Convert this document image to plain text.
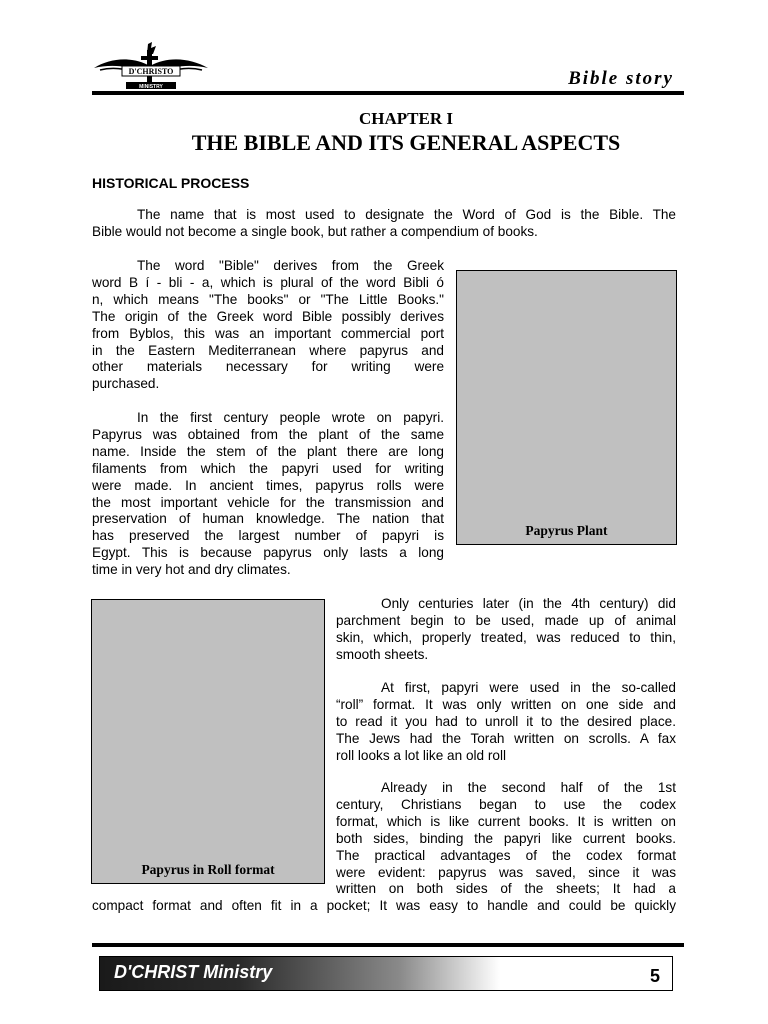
D'CHRISTO
MINISTRY	Bible story
CHAPTER I
THE BIBLE AND ITS GENERAL ASPECTS
HISTORICAL PROCESS
The name that is most used to designate the Word of God is the Bible. The
Bible would not become a single book, but rather a compendium of books.
The word "Bible" derives from the Greek
word B í - bli - a, which is plural of the word Bibli ó
n, which means "The books" or "The Little Books."
The origin of the Greek word Bible possibly derives
from Byblos, this was an important commercial port
in the Eastern Mediterranean where papyrus and
other materials necessary for writing were
purchased.
In the first century people wrote on papyri.
Papyrus was obtained from the plant of the same
name. Inside the stem of the plant there are long
filaments from which the papyri used for writing
were made. In ancient times, papyrus rolls were
the most important vehicle for the transmission and
preservation of human knowledge. The nation that
has preserved the largest number of papyri is
Egypt. This is because papyrus only lasts a long
time in very hot and dry climates.
Papyrus Plant
Papyrus in Roll format
Only centuries later (in the 4th century) did
parchment begin to be used, made up of animal
skin, which, properly treated, was reduced to thin,
smooth sheets.
At first, papyri were used in the so-called
“roll” format. It was only written on one side and
to read it you had to unroll it to the desired place.
The Jews had the Torah written on scrolls. A fax
roll looks a lot like an old roll
Already in the second half of the 1st
century, Christians began to use the codex
format, which is like current books. It is written on
both sides, binding the papyri like current books.
The practical advantages of the codex format
were evident: papyrus was saved, since it was
written on both sides of the sheets; It had a
compact format and often fit in a pocket; It was easy to handle and could be quickly
D'CHRIST Ministry	5
